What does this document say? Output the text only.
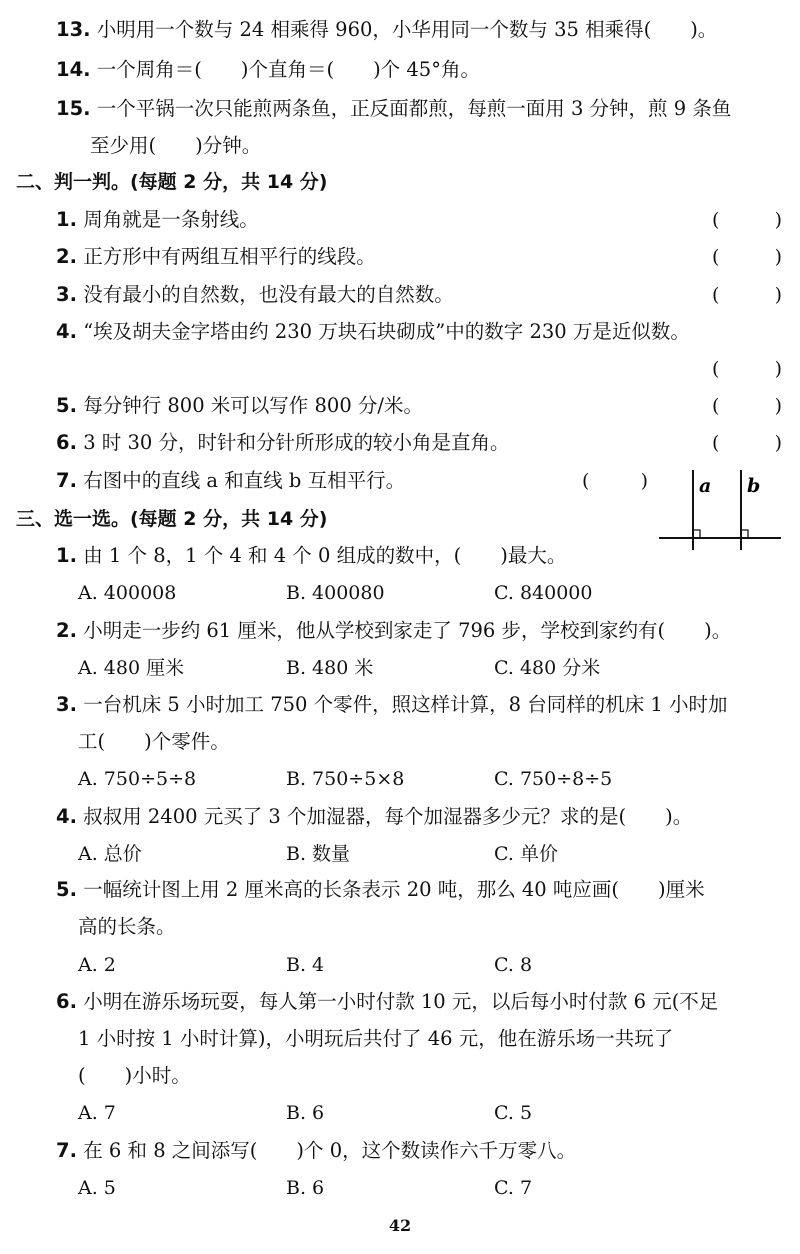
13. 小明用一个数与 24 相乘得 960，小华用同一个数与 35 相乘得(　　)。
14. 一个周角＝(　　)个直角＝(　　)个 45°角。
15. 一个平锅一次只能煎两条鱼，正反面都煎，每煎一面用 3 分钟，煎 9 条鱼
至少用(　　)分钟。
二、判一判。(每题 2 分，共 14 分)
1. 周角就是一条射线。	(	)
2. 正方形中有两组互相平行的线段。	(	)
3. 没有最小的自然数，也没有最大的自然数。	(	)
4. “埃及胡夫金字塔由约 230 万块石块砌成”中的数字 230 万是近似数。
(	)
5. 每分钟行 800 米可以写作 800 分/米。	(	)
6. 3 时 30 分，时针和分针所形成的较小角是直角。	(	)
7. 右图中的直线 a 和直线 b 互相平行。	(	)	a b
三、选一选。(每题 2 分，共 14 分)
1. 由 1 个 8，1 个 4 和 4 个 0 组成的数中，(　　)最大。
A. 400008	B. 400080	C. 840000
2. 小明走一步约 61 厘米，他从学校到家走了 796 步，学校到家约有(　　)。
A. 480 厘米	B. 480 米	C. 480 分米
3. 一台机床 5 小时加工 750 个零件，照这样计算，8 台同样的机床 1 小时加
工(　　)个零件。
A. 750÷5÷8	B. 750÷5×8	C. 750÷8÷5
4. 叔叔用 2400 元买了 3 个加湿器，每个加湿器多少元？求的是(　　)。
A. 总价	B. 数量	C. 单价
5. 一幅统计图上用 2 厘米高的长条表示 20 吨，那么 40 吨应画(　　)厘米
高的长条。
A. 2	B. 4	C. 8
6. 小明在游乐场玩耍，每人第一小时付款 10 元，以后每小时付款 6 元(不足
1 小时按 1 小时计算)，小明玩后共付了 46 元，他在游乐场一共玩了
(　　)小时。
A. 7	B. 6	C. 5
7. 在 6 和 8 之间添写(　　)个 0，这个数读作六千万零八。
A. 5	B. 6	C. 7
42
